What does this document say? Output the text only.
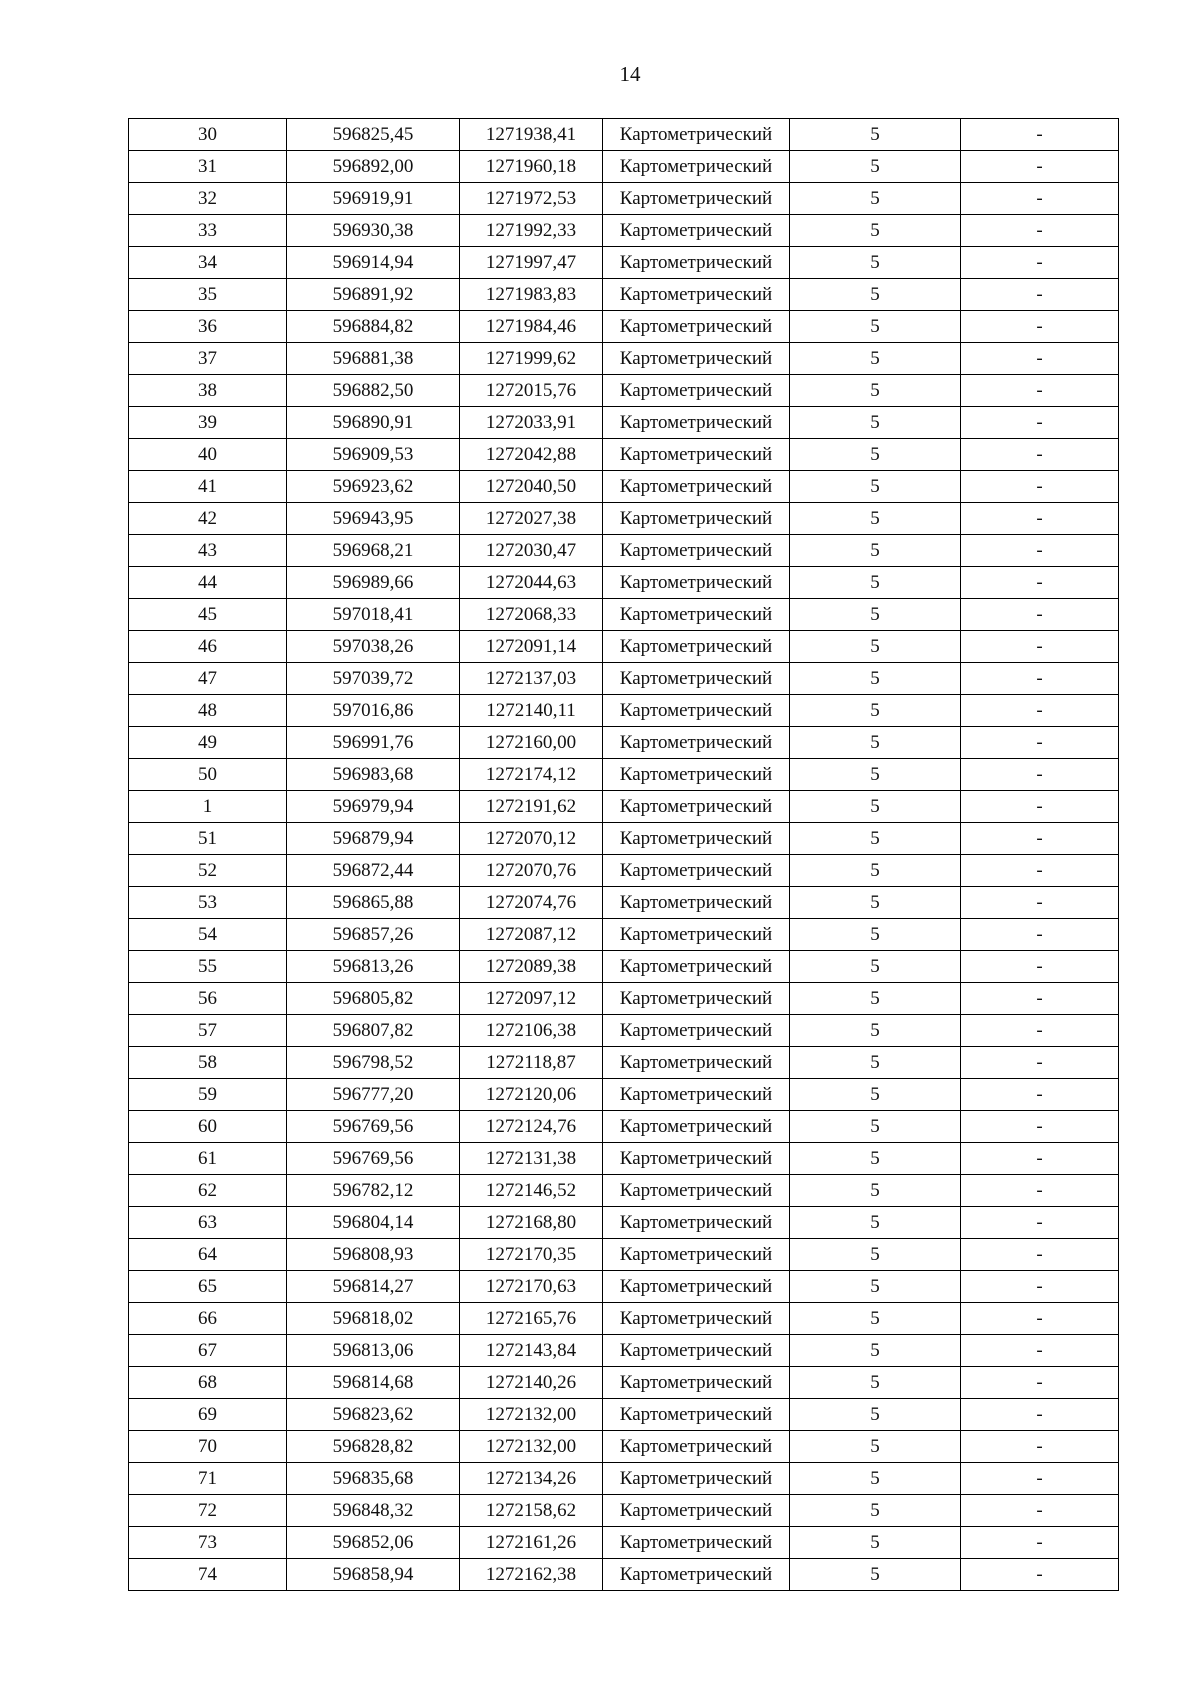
14
30	596825,45	1271938,41	Картометрический	5	-
31	596892,00	1271960,18	Картометрический	5	-
32	596919,91	1271972,53	Картометрический	5	-
33	596930,38	1271992,33	Картометрический	5	-
34	596914,94	1271997,47	Картометрический	5	-
35	596891,92	1271983,83	Картометрический	5	-
36	596884,82	1271984,46	Картометрический	5	-
37	596881,38	1271999,62	Картометрический	5	-
38	596882,50	1272015,76	Картометрический	5	-
39	596890,91	1272033,91	Картометрический	5	-
40	596909,53	1272042,88	Картометрический	5	-
41	596923,62	1272040,50	Картометрический	5	-
42	596943,95	1272027,38	Картометрический	5	-
43	596968,21	1272030,47	Картометрический	5	-
44	596989,66	1272044,63	Картометрический	5	-
45	597018,41	1272068,33	Картометрический	5	-
46	597038,26	1272091,14	Картометрический	5	-
47	597039,72	1272137,03	Картометрический	5	-
48	597016,86	1272140,11	Картометрический	5	-
49	596991,76	1272160,00	Картометрический	5	-
50	596983,68	1272174,12	Картометрический	5	-
1	596979,94	1272191,62	Картометрический	5	-
51	596879,94	1272070,12	Картометрический	5	-
52	596872,44	1272070,76	Картометрический	5	-
53	596865,88	1272074,76	Картометрический	5	-
54	596857,26	1272087,12	Картометрический	5	-
55	596813,26	1272089,38	Картометрический	5	-
56	596805,82	1272097,12	Картометрический	5	-
57	596807,82	1272106,38	Картометрический	5	-
58	596798,52	1272118,87	Картометрический	5	-
59	596777,20	1272120,06	Картометрический	5	-
60	596769,56	1272124,76	Картометрический	5	-
61	596769,56	1272131,38	Картометрический	5	-
62	596782,12	1272146,52	Картометрический	5	-
63	596804,14	1272168,80	Картометрический	5	-
64	596808,93	1272170,35	Картометрический	5	-
65	596814,27	1272170,63	Картометрический	5	-
66	596818,02	1272165,76	Картометрический	5	-
67	596813,06	1272143,84	Картометрический	5	-
68	596814,68	1272140,26	Картометрический	5	-
69	596823,62	1272132,00	Картометрический	5	-
70	596828,82	1272132,00	Картометрический	5	-
71	596835,68	1272134,26	Картометрический	5	-
72	596848,32	1272158,62	Картометрический	5	-
73	596852,06	1272161,26	Картометрический	5	-
74	596858,94	1272162,38	Картометрический	5	-
